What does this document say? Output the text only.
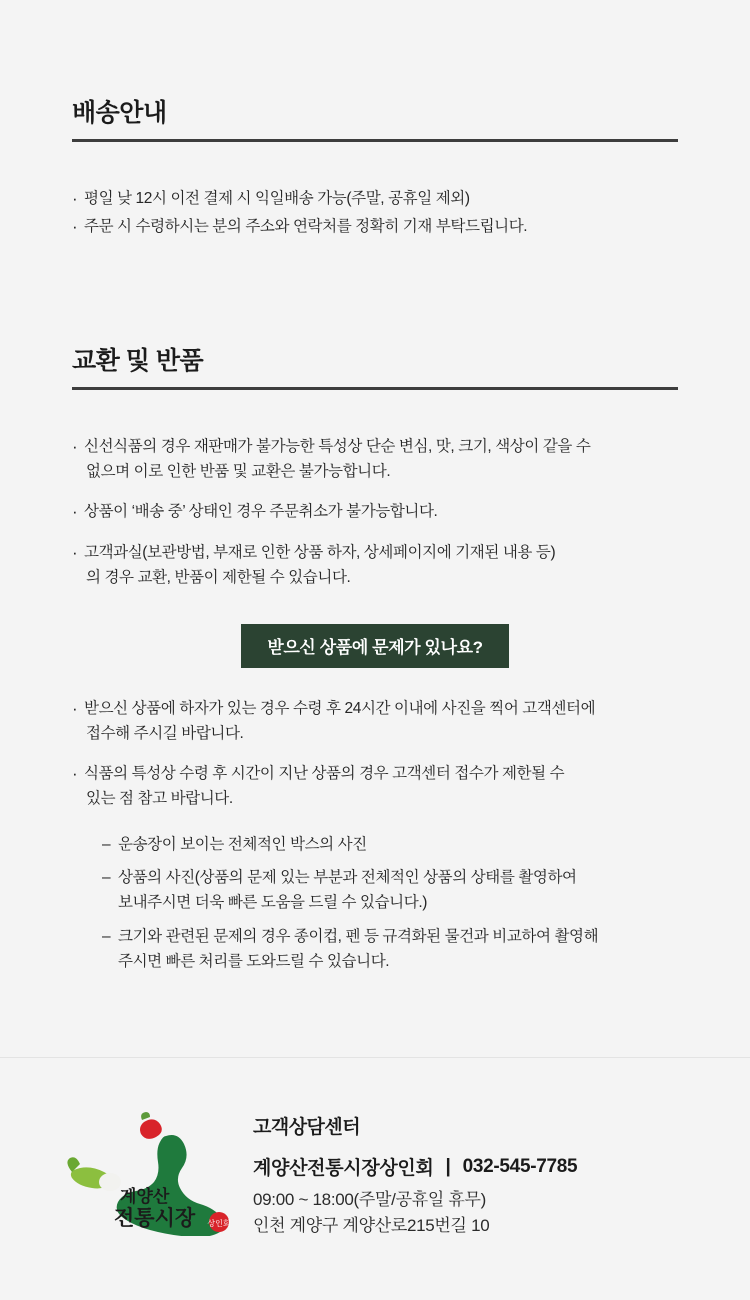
배송안내
· 평일 낮 12시 이전 결제 시 익일배송 가능(주말, 공휴일 제외)
· 주문 시 수령하시는 분의 주소와 연락처를 정확히 기재 부탁드립니다.
교환 및 반품
· 신선식품의 경우 재판매가 불가능한 특성상 단순 변심, 맛, 크기, 색상이 같을 수
없으며 이로 인한 반품 및 교환은 불가능합니다.
· 상품이 ‘배송 중’ 상태인 경우 주문취소가 불가능합니다.
· 고객과실(보관방법, 부재로 인한 상품 하자, 상세페이지에 기재된 내용 등)
의 경우 교환, 반품이 제한될 수 있습니다.
받으신 상품에 문제가 있나요?
· 받으신 상품에 하자가 있는 경우 수령 후 24시간 이내에 사진을 찍어 고객센터에
접수해 주시길 바랍니다.
· 식품의 특성상 수령 후 시간이 지난 상품의 경우 고객센터 접수가 제한될 수
있는 점 참고 바랍니다.
– 운송장이 보이는 전체적인 박스의 사진
– 상품의 사진(상품의 문제 있는 부분과 전체적인 상품의 상태를 촬영하여
보내주시면 더욱 빠른 도움을 드릴 수 있습니다.)
– 크기와 관련된 문제의 경우 종이컵, 펜 등 규격화된 물건과 비교하여 촬영해
주시면 빠른 처리를 도와드릴 수 있습니다.
계양산
전통시장 상인회
고객상담센터
계양산전통시장상인회 | 032-545-7785
09:00 ~ 18:00(주말/공휴일 휴무)
인천 계양구 계양산로215번길 10
